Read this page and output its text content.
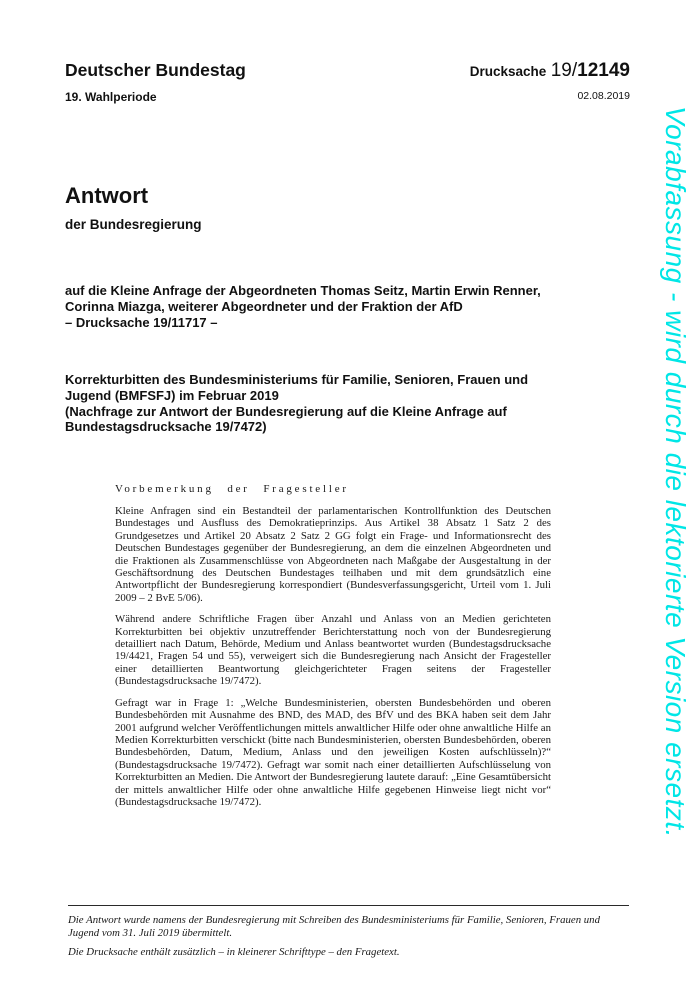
Vorabfassung - wird durch die lektorierte Version ersetzt.
Deutscher Bundestag
19. Wahlperiode
Drucksache 19/12149
02.08.2019
Antwort
der Bundesregierung
auf die Kleine Anfrage der Abgeordneten Thomas Seitz, Martin Erwin Renner,
Corinna Miazga, weiterer Abgeordneter und der Fraktion der AfD
– Drucksache 19/11717 –
Korrekturbitten des Bundesministeriums für Familie, Senioren, Frauen und
Jugend (BMFSFJ) im Februar 2019
(Nachfrage zur Antwort der Bundesregierung auf die Kleine Anfrage auf
Bundestagsdrucksache 19/7472)
Vorbemerkung der Fragesteller

Kleine Anfragen sind ein Bestandteil der parlamentarischen Kontrollfunktion des Deutschen Bundestages und Ausfluss des Demokratieprinzips. Aus Artikel 38 Absatz 1 Satz 2 des Grundgesetzes und Artikel 20 Absatz 2 Satz 2 GG folgt ein Frage- und Informationsrecht des Deutschen Bundestages gegenüber der Bundesregierung, an dem die einzelnen Abgeordneten und die Fraktionen als Zusammenschlüsse von Abgeordneten nach Maßgabe der Ausgestaltung in der Geschäftsordnung des Deutschen Bundestages teilhaben und mit dem grundsätzlich eine Antwortpflicht der Bundesregierung korrespondiert (Bundesverfassungsgericht, Urteil vom 1. Juli 2009 – 2 BvE 5/06).

Während andere Schriftliche Fragen über Anzahl und Anlass von an Medien gerichteten Korrekturbitten bei objektiv unzutreffender Berichterstattung noch von der Bundesregierung detailliert nach Datum, Behörde, Medium und Anlass beantwortet wurden (Bundestagsdrucksache 19/4421, Fragen 54 und 55), verweigert sich die Bundesregierung nach Ansicht der Fragesteller einer detaillierten Beantwortung gleichgerichteter Fragen seitens der Fragesteller (Bundestagsdrucksache 19/7472).

Gefragt war in Frage 1: „Welche Bundesministerien, obersten Bundesbehörden und oberen Bundesbehörden mit Ausnahme des BND, des MAD, des BfV und des BKA haben seit dem Jahr 2001 aufgrund welcher Veröffentlichungen mittels anwaltlicher Hilfe oder ohne anwaltliche Hilfe an Medien Korrekturbitten verschickt (bitte nach Bundesministerien, obersten Bundesbehörden, oberen Bundesbehörden, Datum, Medium, Anlass und den jeweiligen Kosten aufschlüsseln)?“ (Bundestagsdrucksache 19/7472). Gefragt war somit nach einer detaillierten Aufschlüsselung von Korrekturbitten an Medien. Die Antwort der Bundesregierung lautete darauf: „Eine Gesamtübersicht der mittels anwaltlicher Hilfe oder ohne anwaltliche Hilfe gegebenen Hinweise liegt nicht vor“ (Bundestagsdrucksache 19/7472).

Die Antwort wurde namens der Bundesregierung mit Schreiben des Bundesministeriums für Familie, Senioren, Frauen und Jugend vom 31. Juli 2019 übermittelt.

Die Drucksache enthält zusätzlich – in kleinerer Schrifttype – den Fragetext.
